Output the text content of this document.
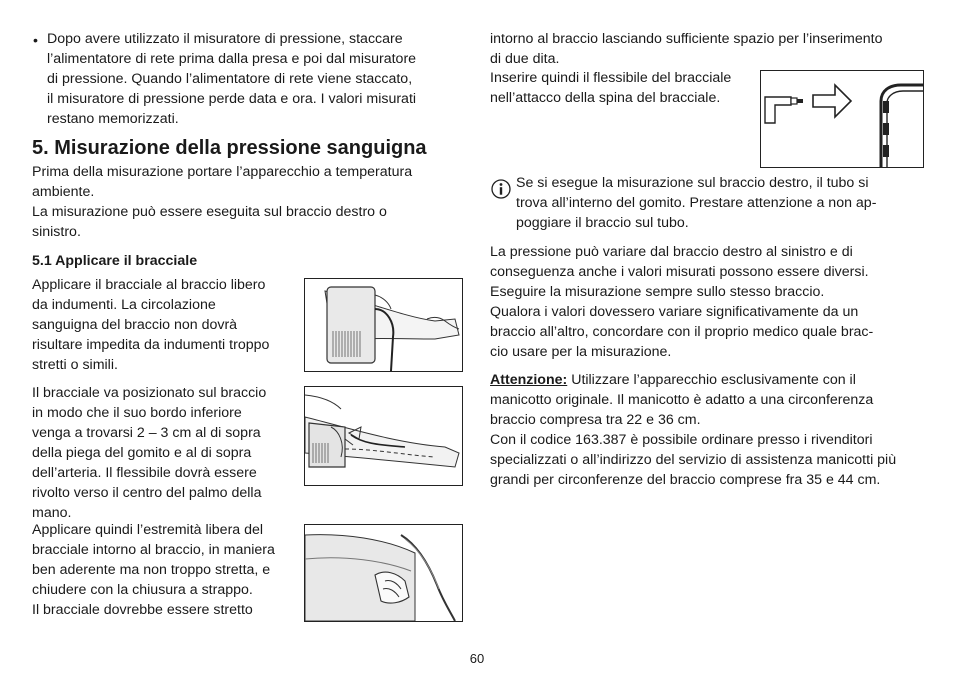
• Dopo avere utilizzato il misuratore di pressione, staccare

l’alimentatore di rete prima dalla presa e poi dal misuratore

di pressione. Quando l’alimentatore di rete viene staccato,

il misuratore di pressione perde data e ora. I valori misurati

restano memorizzati.

5. Misurazione della pressione sanguigna

Prima della misurazione portare l’apparecchio a temperatura

ambiente.

La misurazione può essere eseguita sul braccio destro o

sinistro.

5.1 Applicare il bracciale

Applicare il bracciale al braccio libero

da indumenti. La circolazione

sanguigna del braccio non dovrà

risultare impedita da indumenti troppo

stretti o simili.

Il bracciale va posizionato sul braccio

in modo che il suo bordo inferiore

venga a trovarsi 2 – 3 cm al di sopra

della piega del gomito e al di sopra

dell’arteria. Il flessibile dovrà essere

rivolto verso il centro del palmo della

mano.

Applicare quindi l’estremità libera del

bracciale intorno al braccio, in maniera

ben aderente ma non troppo stretta, e

chiudere con la chiusura a strappo.

Il bracciale dovrebbe essere stretto

intorno al braccio lasciando sufficiente spazio per l’inserimento

di due dita.

Inserire quindi il flessibile del bracciale

nell’attacco della spina del bracciale.

Se si esegue la misurazione sul braccio destro, il tubo si

trova all’interno del gomito. Prestare attenzione a non ap-

poggiare il braccio sul tubo.

La pressione può variare dal braccio destro al sinistro e di

conseguenza anche i valori misurati possono essere diversi.

Eseguire la misurazione sempre sullo stesso braccio.

Qualora i valori dovessero variare significativamente da un

braccio all’altro, concordare con il proprio medico quale brac-

cio usare per la misurazione.

Attenzione: Utilizzare l’apparecchio esclusivamente con il

manicotto originale. Il manicotto è adatto a una circonferenza

braccio compresa tra 22 e 36 cm.

Con il codice 163.387 è possibile ordinare presso i rivenditori

specializzati o all’indirizzo del servizio di assistenza manicotti più

grandi per circonferenze del braccio comprese fra 35 e 44 cm.

60
